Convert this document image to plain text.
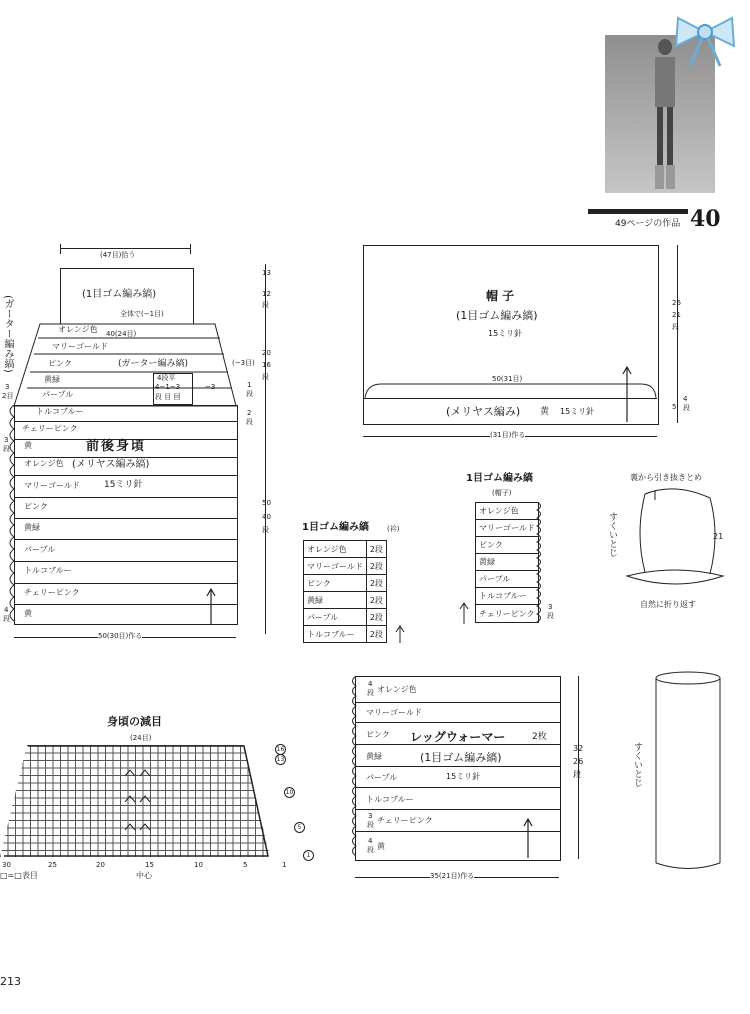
49ページの作品 40
(47目)拾う
(1目ゴム編み縞)
全体で(−1目)
40(24目)
オレンジ色
マリーゴールド
ピンク
黄緑
パープル
(ガーター編み縞)
4段平
4−1−3
段 目 回
−3
(−3目)
1
段
2
段
(ガーター編み縞)
3
2目
トルコブルー
チェリーピンク
黄
オレンジ色
マリーゴールド
ピンク
黄緑
パープル
トルコブルー
チェリーピンク
黄
前後身頃
(メリヤス編み縞)
15ミリ針
3
段
4
段
13
12
段
20
16
段
50
40
段
50(30目)作る
帽 子
(1目ゴム編み縞)
15ミリ針
50(31目)
(メリヤス編み) 黄 15ミリ針
(31目)作る
26
21
段
4
段
5
1目ゴム編み縞	(衿)
オレンジ色	2段
マリーゴールド	2段
ピンク	2段
黄緑	2段
パープル	2段
トルコブルー	2段
1目ゴム編み縞
(帽子)
オレンジ色
マリーゴールド
ピンク
黄緑
パープル
トルコブルー
チェリーピンク
3
段
裏から引き抜きとめ
すくいとじ	21
自然に折り返す
身頃の減目
(24目)
16
13
10
5
1
30	25	20	15	10	5	1
□=□表目	中心
オレンジ色
マリーゴールド
ピンク
黄緑
パープル
トルコブルー
チェリーピンク
黄
レッグウォーマー	2枚
(1目ゴム編み縞)
15ミリ針
4
段
3
段
4
段
32
26
段
35(21目)作る
すくいとじ
213
